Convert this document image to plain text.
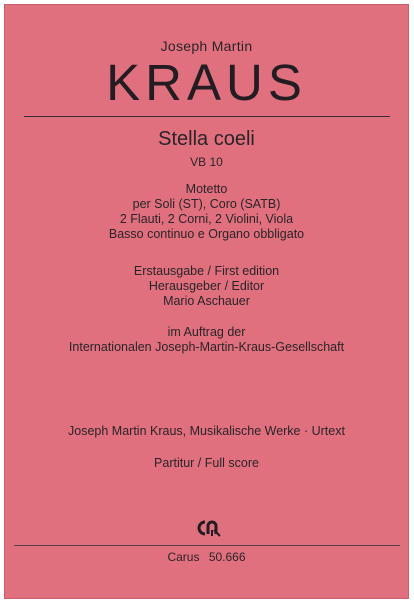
Joseph Martin
KRAUS
Stella coeli
VB 10
Motetto
per Soli (ST), Coro (SATB)
2 Flauti, 2 Corni, 2 Violini, Viola
Basso continuo e Organo obbligato
Erstausgabe / First edition
Herausgeber / Editor
Mario Aschauer
im Auftrag der
Internationalen Joseph-Martin-Kraus-Gesellschaft
Joseph Martin Kraus, Musikalische Werke · Urtext
Partitur / Full score
Carus 50.666
